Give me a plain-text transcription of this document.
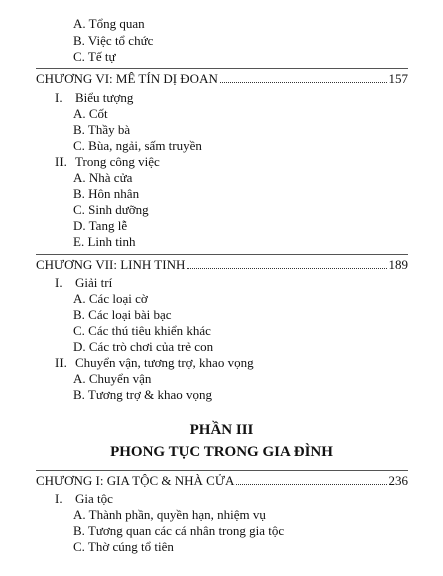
A. Tổng quan
B. Việc tổ chức
C. Tế tự
CHƯƠNG VI: MÊ TÍN DỊ ĐOAN	157
I. Biểu tượng
A. Cốt
B. Thầy bà
C. Bùa, ngải, sấm truyền
II. Trong công việc
A. Nhà cửa
B. Hôn nhân
C. Sinh dưỡng
D. Tang lễ
E. Linh tinh
CHƯƠNG VII: LINH TINH	189
I. Giải trí
A. Các loại cờ
B. Các loại bài bạc
C. Các thú tiêu khiển khác
D. Các trò chơi của trẻ con
II. Chuyển vận, tương trợ, khao vọng
A. Chuyển vận
B. Tương trợ & khao vọng
PHẦN III
PHONG TỤC TRONG GIA ĐÌNH
CHƯƠNG I: GIA TỘC & NHÀ CỬA	236
I. Gia tộc
A. Thành phần, quyền hạn, nhiệm vụ
B. Tương quan các cá nhân trong gia tộc
C. Thờ cúng tổ tiên
